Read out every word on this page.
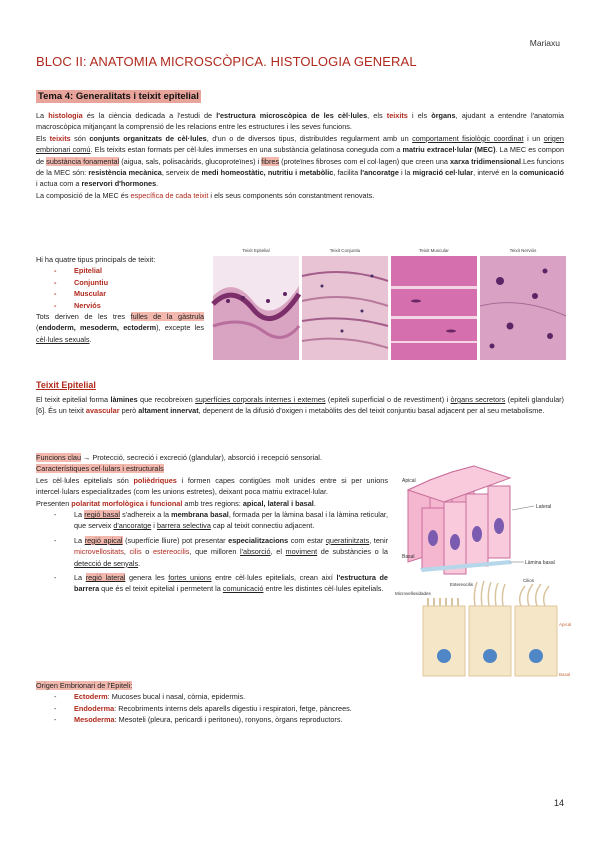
Mariaxu
BLOC II: ANATOMIA MICROSCÒPICA. HISTOLOGIA GENERAL
Tema 4: Generalitats i teixit epitelial
La histologia és la ciència dedicada a l'estudi de l'estructura microscòpica de les cèl·lules, els teixits i els òrgans, ajudant a entendre l'anatomia macroscòpica mitjançant la comprensió de les relacions entre les estructures i les seves funcions.
Els teixits són conjunts organitzats de cèl·lules, d'un o de diversos tipus, distribuïdes regularment amb un comportament fisiològic coordinat i un origen embrionari comú. Els teixits estan formats per cèl·lules immerses en una substància gelatinosa coneguda com a matriu extracel·lular (MEC). La MEC es compon de substància fonamental (aigua, sals, polisacàrids, glucoproteïnes) i fibres (proteïnes fibroses com el col·lagen) que creen una xarxa tridimensional.Les funcions de la MEC són: resistència mecànica, serveix de medi homeostàtic, nutritiu i metabòlic, facilita l'ancoratge i la migració cel·lular, intervé en la comunicació i actua com a reservori d'hormones.
La composició de la MEC és específica de cada teixit i els seus components són constantment renovats.
Hi ha quatre tipus principals de teixit:
- Epitelial
- Conjuntiu
- Muscular
- Nerviós
Tots deriven de les tres fulles de la gàstrula (endoderm, mesoderm, ectoderm), excepte les cèl·lules sexuals.
Teixit Epitelial	Teixit Conjuntiu	Teixit Muscular	Teixit Nerviós
Teixit Epitelial
El teixit epitelial forma làmines que recobreixen superfícies corporals internes i externes (epiteli superficial o de revestiment) i òrgans secretors (epiteli glandular) [6]. És un teixit avascular però altament innervat, depenent de la difusió d'oxigen i metabòlits des del teixit conjuntiu basal adjacent per al seu metabolisme.
Funcions clau → Protecció, secreció i excreció (glandular), absorció i recepció sensorial.
Característiques cel·lulars i estructurals
Les cèl·lules epitelials són polièdriques i formen capes contigües molt unides entre si per unions intercel·lulars especialitzades (com les unions estretes), deixant poca matriu extracel·lular.
Presenten polaritat morfològica i funcional amb tres regions: apical, lateral i basal.
- La regió basal s'adhereix a la membrana basal, formada per la làmina basal i la làmina reticular, que serveix d'ancoratge i barrera selectiva cap al teixit connectiu adjacent.
- La regió apical (superfície lliure) pot presentar especialitzacions com estar queratinitzats, tenir microvellositats, cilis o estereocilis, que milloren l'absorció, el moviment de substàncies o la detecció de senyals.
- La regió lateral genera les fortes unions entre cèl·lules epitelials, crean així l'estructura de barrera que és el teixit epitelial i permetent la comunicació entre les distintes cèl·lules epitelials.
Apical
Lateral
Basal
Làmina basal
Estereocilis
Cilios
Microvellosidades
Apical
Basal
Origen Embrionari de l'Epiteli:
- Ectoderm: Mucoses bucal i nasal, còrnia, epidermis.
- Endoderma: Recobriments interns dels aparells digestiu i respiratori, fetge, pàncrees.
- Mesoderma: Mesoteli (pleura, pericardi i peritoneu), ronyons, òrgans reproductors.
14
